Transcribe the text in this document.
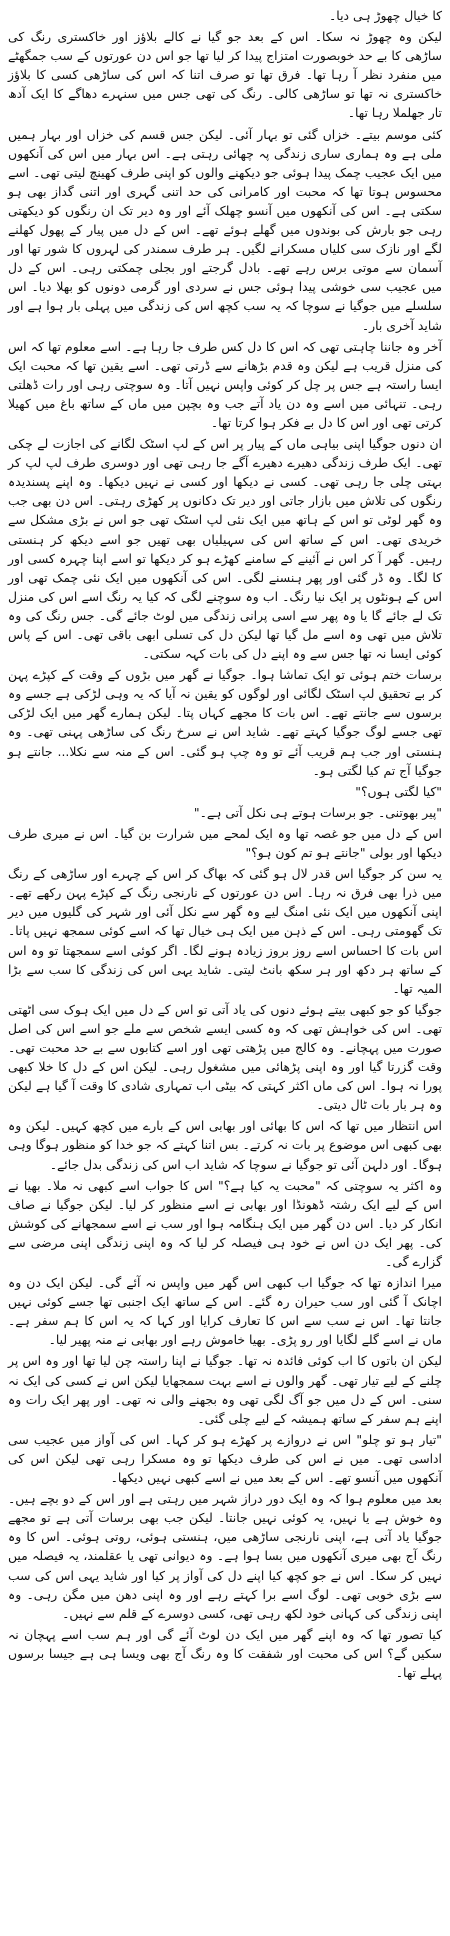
کا خیال چھوڑ ہی دیا۔

لیکن وہ چھوڑ نہ سکا۔ اس کے بعد جو گیا نے کالے بلاؤز اور خاکستری رنگ کی ساڑھی کا بے حد خوبصورت امتزاج پیدا کر لیا تھا جو اس دن عورتوں کے سب جمگھٹے میں منفرد نظر آ رہا تھا۔ فرق تھا تو صرف اتنا کہ اس کی ساڑھی کسی کا بلاؤز خاکستری نہ تھا تو ساڑھی کالی۔ رنگ کی تھی جس میں سنہرے دھاگے کا ایک آدھ تار جھلملا رہا تھا۔

کئی موسم بیتے۔ خزاں گئی تو بہار آئی۔ لیکن جس قسم کی خزاں اور بہار ہمیں ملی ہے وہ ہماری ساری زندگی پہ چھائی رہتی ہے۔ اس بہار میں اس کی آنکھوں میں ایک عجیب چمک پیدا ہوئی جو دیکھنے والوں کو اپنی طرف کھینچ لیتی تھی۔ اسے محسوس ہوتا تھا کہ محبت اور کامرانی کی حد اتنی گہری اور اتنی گداز بھی ہو سکتی ہے۔ اس کی آنکھوں میں آنسو چھلک آئے اور وہ دیر تک ان رنگوں کو دیکھتی رہی جو بارش کی بوندوں میں گھلے ہوئے تھے۔ اس کے دل میں پیار کے پھول کھلنے لگے اور نازک سی کلیاں مسکرانے لگیں۔ ہر طرف سمندر کی لہروں کا شور تھا اور آسمان سے موتی برس رہے تھے۔ بادل گرجتے اور بجلی چمکتی رہی۔ اس کے دل میں عجیب سی خوشی پیدا ہوئی جس نے سردی اور گرمی دونوں کو بھلا دیا۔ اس سلسلے میں جوگیا نے سوچا کہ یہ سب کچھ اس کی زندگی میں پہلی بار ہوا ہے اور شاید آخری بار۔

آخر وہ جاننا چاہتی تھی کہ اس کا دل کس طرف جا رہا ہے۔ اسے معلوم تھا کہ اس کی منزل قریب ہے لیکن وہ قدم بڑھانے سے ڈرتی تھی۔ اسے یقین تھا کہ محبت ایک ایسا راستہ ہے جس پر چل کر کوئی واپس نہیں آتا۔ وہ سوچتی رہی اور رات ڈھلتی رہی۔ تنہائی میں اسے وہ دن یاد آتے جب وہ بچپن میں ماں کے ساتھ باغ میں کھیلا کرتی تھی اور اس کا دل بے فکر ہوا کرتا تھا۔

ان دنوں جوگیا اپنی بیاہی ماں کے پیار پر اس کے لپ اسٹک لگانے کی اجازت لے چکی تھی۔ ایک طرف زندگی دھیرے دھیرے آگے جا رہی تھی اور دوسری طرف لپ لپ کر بہتی چلی جا رہی تھی۔ کسی نے دیکھا اور کسی نے نہیں دیکھا۔ وہ اپنے پسندیدہ رنگوں کی تلاش میں بازار جاتی اور دیر تک دکانوں پر کھڑی رہتی۔ اس دن بھی جب وہ گھر لوٹی تو اس کے ہاتھ میں ایک نئی لپ اسٹک تھی جو اس نے بڑی مشکل سے خریدی تھی۔ اس کے ساتھ اس کی سہیلیاں بھی تھیں جو اسے دیکھ کر ہنستی رہیں۔ گھر آ کر اس نے آئینے کے سامنے کھڑے ہو کر دیکھا تو اسے اپنا چہرہ کسی اور کا لگا۔ وہ ڈر گئی اور پھر ہنسنے لگی۔ اس کی آنکھوں میں ایک نئی چمک تھی اور اس کے ہونٹوں پر ایک نیا رنگ۔ اب وہ سوچنے لگی کہ کیا یہ رنگ اسے اس کی منزل تک لے جائے گا یا وہ پھر سے اسی پرانی زندگی میں لوٹ جائے گی۔ جس رنگ کی وہ تلاش میں تھی وہ اسے مل گیا تھا لیکن دل کی تسلی ابھی باقی تھی۔ اس کے پاس کوئی ایسا نہ تھا جس سے وہ اپنے دل کی بات کہہ سکتی۔

برسات ختم ہوئی تو ایک تماشا ہوا۔ جوگیا نے گھر میں بڑوں کے وقت کے کپڑے پہن کر بے تحقیق لپ اسٹک لگائی اور لوگوں کو یقین نہ آیا کہ یہ وہی لڑکی ہے جسے وہ برسوں سے جانتے تھے۔ اس بات کا مجھے کہاں پتا۔ لیکن ہمارے گھر میں ایک لڑکی تھی جسے لوگ جوگیا کہتے تھے۔ شاید اس نے سرخ رنگ کی ساڑھی پہنی تھی۔ وہ ہنستی اور جب ہم قریب آئے تو وہ چپ ہو گئی۔ اس کے منہ سے نکلا... جانتے ہو جوگیا آج تم کیا لگتی ہو۔

"کیا لگتی ہوں؟"

"پیر بھوتنی۔ جو برسات ہوتے ہی نکل آتی ہے۔"

اس کے دل میں جو غصہ تھا وہ ایک لمحے میں شرارت بن گیا۔ اس نے میری طرف دیکھا اور بولی "جانتے ہو تم کون ہو؟"

یہ سن کر جوگیا اس قدر لال ہو گئی کہ بھاگ کر اس کے چہرے اور ساڑھی کے رنگ میں ذرا بھی فرق نہ رہا۔ اس دن عورتوں کے نارنجی رنگ کے کپڑے پہن رکھے تھے۔ اپنی آنکھوں میں ایک نئی امنگ لیے وہ گھر سے نکل آئی اور شہر کی گلیوں میں دیر تک گھومتی رہی۔ اس کے ذہن میں ایک ہی خیال تھا کہ اسے کوئی سمجھ نہیں پاتا۔ اس بات کا احساس اسے روز بروز زیادہ ہونے لگا۔ اگر کوئی اسے سمجھتا تو وہ اس کے ساتھ ہر دکھ اور ہر سکھ بانٹ لیتی۔ شاید یہی اس کی زندگی کا سب سے بڑا المیہ تھا۔

جوگیا کو جو کبھی بیتے ہوئے دنوں کی یاد آتی تو اس کے دل میں ایک ہوک سی اٹھتی تھی۔ اس کی خواہش تھی کہ وہ کسی ایسے شخص سے ملے جو اسے اس کی اصل صورت میں پہچانے۔ وہ کالج میں پڑھتی تھی اور اسے کتابوں سے بے حد محبت تھی۔ وقت گزرتا گیا اور وہ اپنی پڑھائی میں مشغول رہی۔ لیکن اس کے دل کا خلا کبھی پورا نہ ہوا۔ اس کی ماں اکثر کہتی کہ بیٹی اب تمہاری شادی کا وقت آ گیا ہے لیکن وہ ہر بار بات ٹال دیتی۔

اس انتظار میں تھا کہ اس کا بھائی اور بھابی اس کے بارے میں کچھ کہیں۔ لیکن وہ بھی کبھی اس موضوع پر بات نہ کرتے۔ بس اتنا کہتے کہ جو خدا کو منظور ہوگا وہی ہوگا۔ اور دلہن آئی تو جوگیا نے سوچا کہ شاید اب اس کی زندگی بدل جائے۔

وہ اکثر یہ سوچتی کہ "محبت یہ کیا ہے؟" اس کا جواب اسے کبھی نہ ملا۔ بھیا نے اس کے لیے ایک رشتہ ڈھونڈا اور بھابی نے اسے منظور کر لیا۔ لیکن جوگیا نے صاف انکار کر دیا۔ اس دن گھر میں ایک ہنگامہ ہوا اور سب نے اسے سمجھانے کی کوشش کی۔ پھر ایک دن اس نے خود ہی فیصلہ کر لیا کہ وہ اپنی زندگی اپنی مرضی سے گزارے گی۔

میرا اندازہ تھا کہ جوگیا اب کبھی اس گھر میں واپس نہ آئے گی۔ لیکن ایک دن وہ اچانک آ گئی اور سب حیران رہ گئے۔ اس کے ساتھ ایک اجنبی تھا جسے کوئی نہیں جانتا تھا۔ اس نے سب سے اس کا تعارف کرایا اور کہا کہ یہ اس کا ہم سفر ہے۔ ماں نے اسے گلے لگایا اور رو پڑی۔ بھیا خاموش رہے اور بھابی نے منہ پھیر لیا۔

لیکن ان باتوں کا اب کوئی فائدہ نہ تھا۔ جوگیا نے اپنا راستہ چن لیا تھا اور وہ اس پر چلنے کے لیے تیار تھی۔ گھر والوں نے اسے بہت سمجھایا لیکن اس نے کسی کی ایک نہ سنی۔ اس کے دل میں جو آگ لگی تھی وہ بجھنے والی نہ تھی۔ اور پھر ایک رات وہ اپنے ہم سفر کے ساتھ ہمیشہ کے لیے چلی گئی۔

"تیار ہو تو چلو" اس نے دروازے پر کھڑے ہو کر کہا۔ اس کی آواز میں عجیب سی اداسی تھی۔ میں نے اس کی طرف دیکھا تو وہ مسکرا رہی تھی لیکن اس کی آنکھوں میں آنسو تھے۔ اس کے بعد میں نے اسے کبھی نہیں دیکھا۔

بعد میں معلوم ہوا کہ وہ ایک دور دراز شہر میں رہتی ہے اور اس کے دو بچے ہیں۔ وہ خوش ہے یا نہیں، یہ کوئی نہیں جانتا۔ لیکن جب بھی برسات آتی ہے تو مجھے جوگیا یاد آتی ہے، اپنی نارنجی ساڑھی میں، ہنستی ہوئی، روتی ہوئی۔ اس کا وہ رنگ آج بھی میری آنکھوں میں بسا ہوا ہے۔ وہ دیوانی تھی یا عقلمند، یہ فیصلہ میں نہیں کر سکا۔ اس نے جو کچھ کیا اپنے دل کی آواز پر کیا اور شاید یہی اس کی سب سے بڑی خوبی تھی۔ لوگ اسے برا کہتے رہے اور وہ اپنی دھن میں مگن رہی۔ وہ اپنی زندگی کی کہانی خود لکھ رہی تھی، کسی دوسرے کے قلم سے نہیں۔

کیا تصور تھا کہ وہ اپنے گھر میں ایک دن لوٹ آئے گی اور ہم سب اسے پہچان نہ سکیں گے؟ اس کی محبت اور شفقت کا وہ رنگ آج بھی ویسا ہی ہے جیسا برسوں پہلے تھا۔
